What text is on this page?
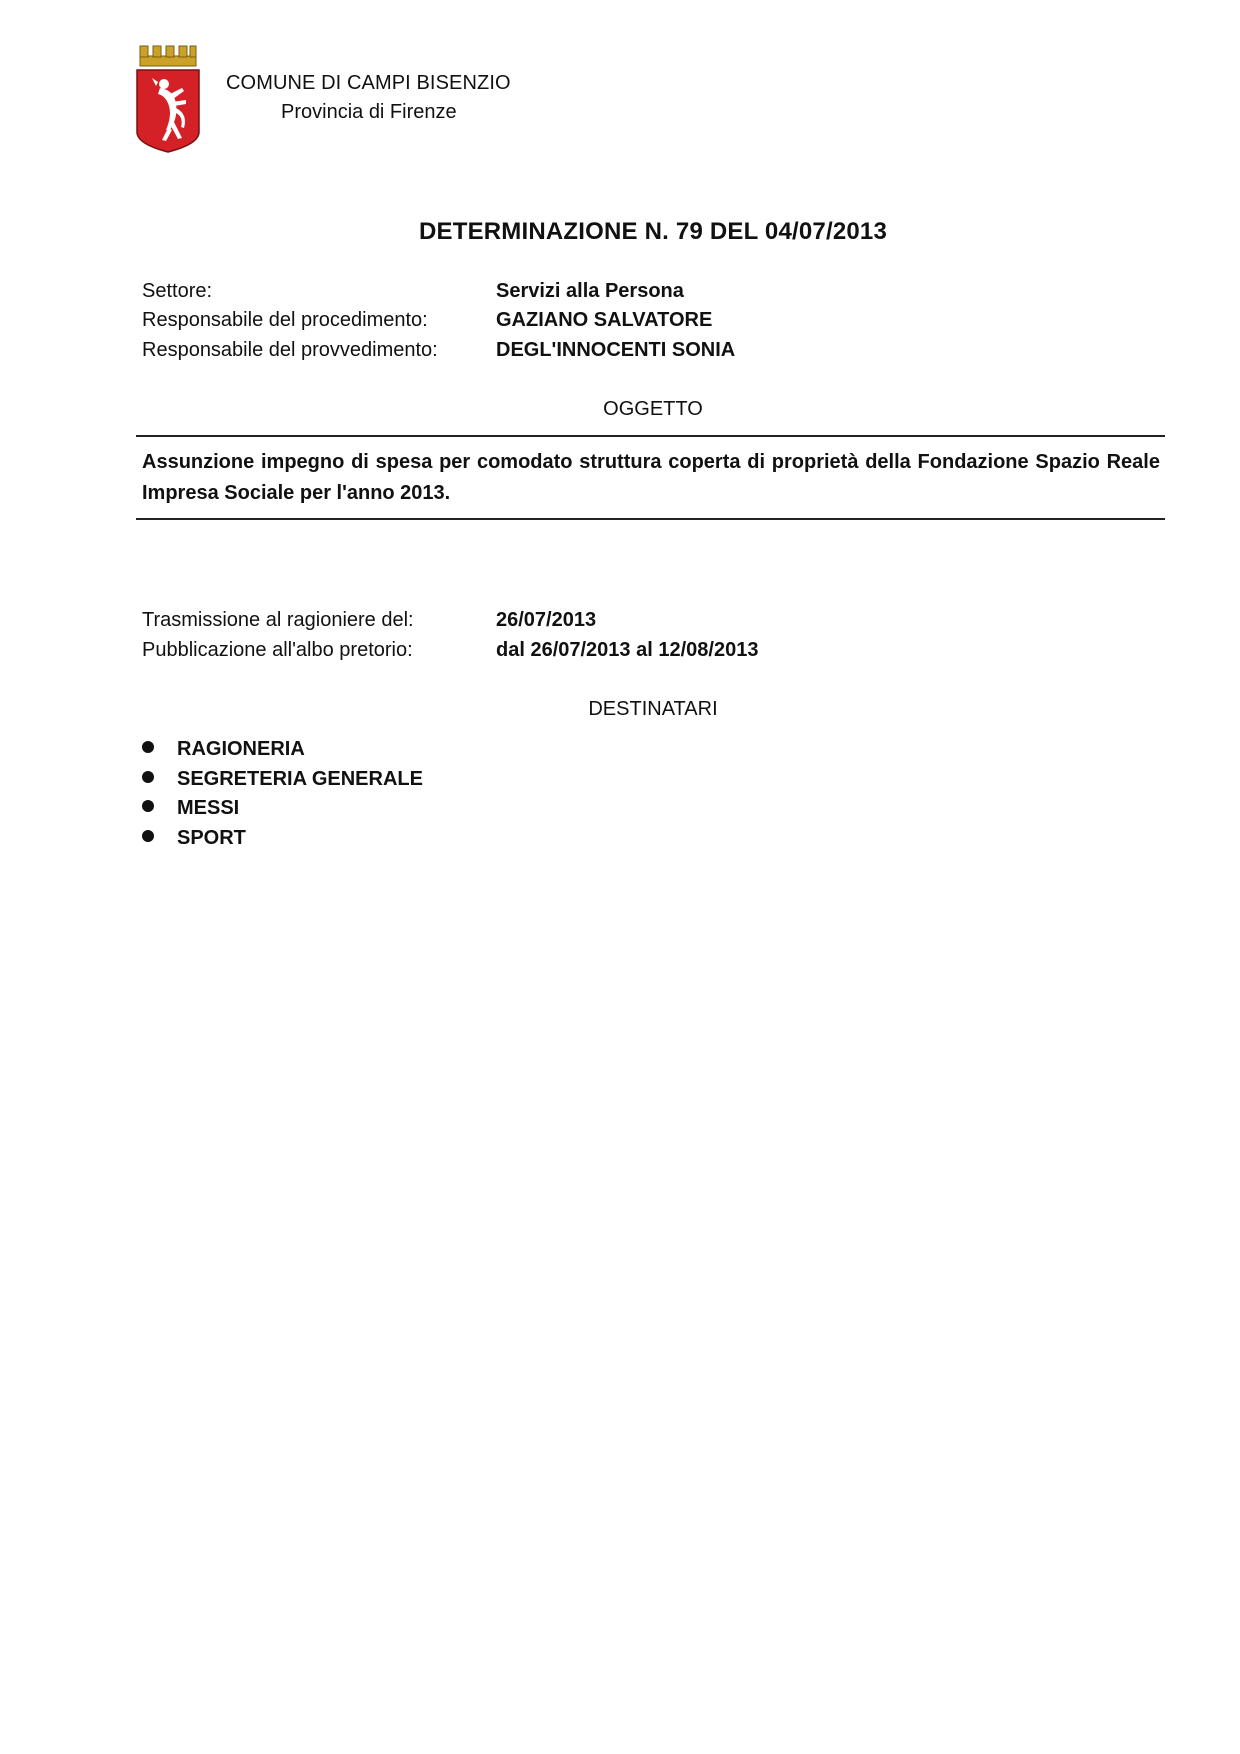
COMUNE DI CAMPI BISENZIO
Provincia di Firenze
DETERMINAZIONE N. 79 DEL 04/07/2013
Settore:	Servizi alla Persona
Responsabile del procedimento:	GAZIANO SALVATORE
Responsabile del provvedimento:	DEGL'INNOCENTI SONIA
OGGETTO
Assunzione impegno di spesa per comodato struttura coperta di proprietà della Fondazione Spazio Reale Impresa Sociale per l'anno 2013.
Trasmissione al ragioniere del:	26/07/2013
Pubblicazione all'albo pretorio:	dal 26/07/2013 al 12/08/2013
DESTINATARI
RAGIONERIA
SEGRETERIA GENERALE
MESSI
SPORT
